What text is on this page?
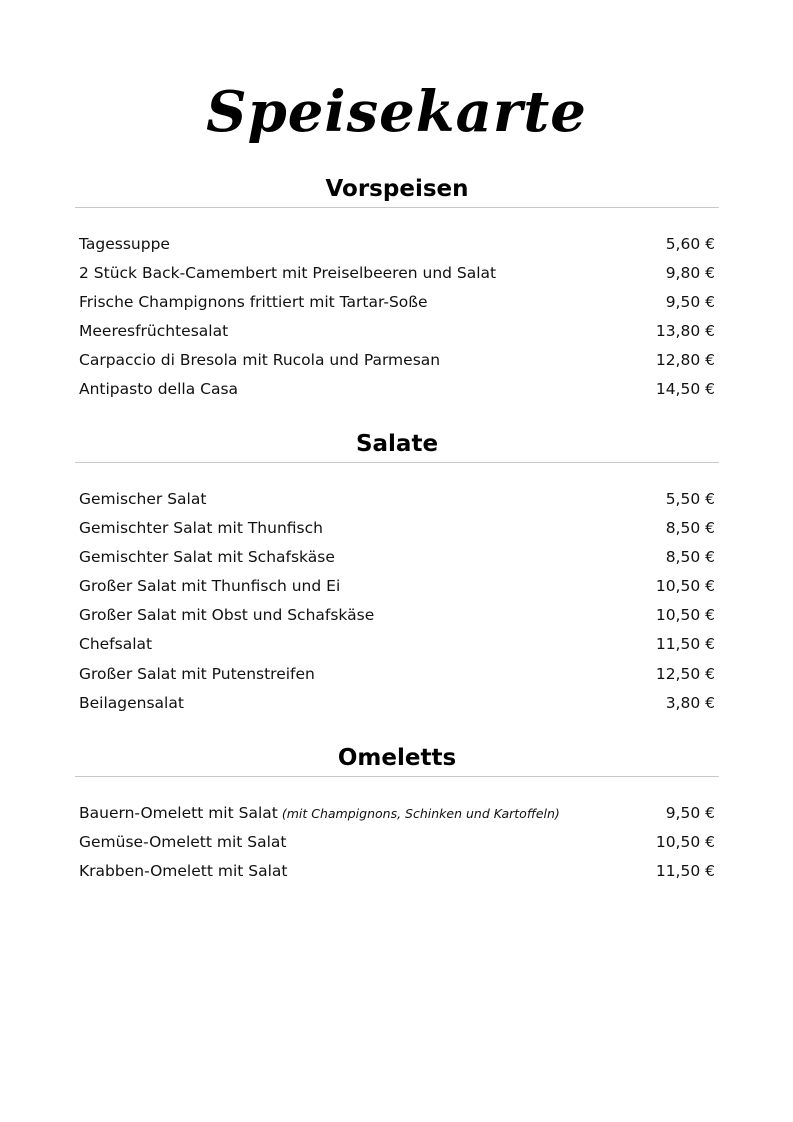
Speisekarte
Vorspeisen
Tagessuppe	5,60 €
2 Stück Back-Camembert mit Preiselbeeren und Salat	9,80 €
Frische Champignons frittiert mit Tartar-Soße	9,50 €
Meeresfrüchtesalat	13,80 €
Carpaccio di Bresola mit Rucola und Parmesan	12,80 €
Antipasto della Casa	14,50 €
Salate
Gemischer Salat	5,50 €
Gemischter Salat mit Thunfisch	8,50 €
Gemischter Salat mit Schafskäse	8,50 €
Großer Salat mit Thunfisch und Ei	10,50 €
Großer Salat mit Obst und Schafskäse	10,50 €
Chefsalat	11,50 €
Großer Salat mit Putenstreifen	12,50 €
Beilagensalat	3,80 €
Omeletts
Bauern-Omelett mit Salat (mit Champignons, Schinken und Kartoffeln)	9,50 €
Gemüse-Omelett mit Salat	10,50 €
Krabben-Omelett mit Salat	11,50 €
